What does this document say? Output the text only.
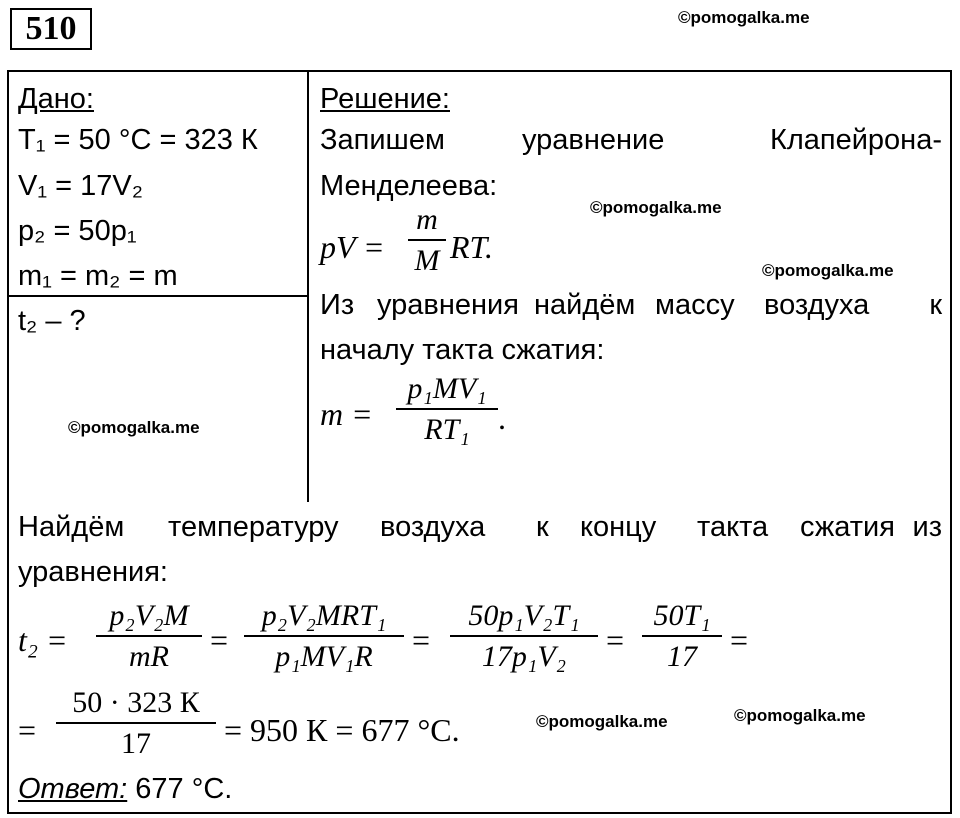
510	©pomogalka.me
©pomogalka.me
©pomogalka.me
©pomogalka.me
©pomogalka.me	©pomogalka.me
Дано:
T₁ = 50 °C = 323 К
V₁ = 17V₂
p₂ = 50p₁
m₁ = m₂ = m
t₂ – ?
Решение:
Запишем	уравнение	Клапейрона-
Менделеева:
pV =
m
M RT.
Из уравнения найдём массу воздуха к
началу такта сжатия:
m =
p₁MV₁
RT₁ .
Найдём температуру воздуха к концу такта сжатия из
уравнения:
t₂ =
p₂V₂M
mR =
p₂V₂MRT₁
p₁MV₁R =
50p₁V₂T₁
17p₁V₂ =
50T₁
17 =
=
50 · 323 К
17 = 950 К = 677 °С.
Ответ: 677 °С.
